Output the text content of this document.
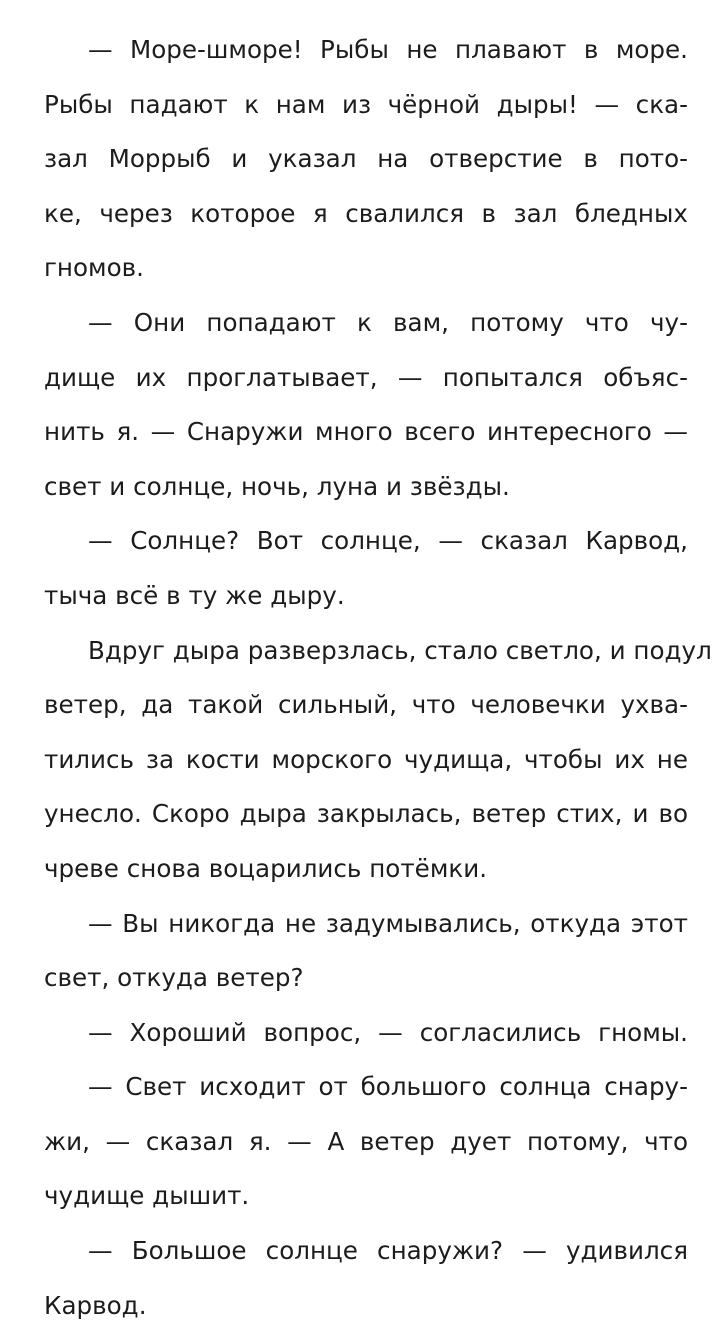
— Море-шморе! Рыбы не плавают в море.
Рыбы падают к нам из чёрной дыры! — ска-
зал Моррыб и указал на отверстие в пото-
ке, через которое я свалился в зал бледных
гномов.
— Они попадают к вам, потому что чу-
дище их проглатывает, — попытался объяс-
нить я. — Снаружи много всего интересного —
свет и солнце, ночь, луна и звёзды.
— Солнце? Вот солнце, — сказал Карвод,
тыча всё в ту же дыру.
Вдруг дыра разверзлась, стало светло, и подул
ветер, да такой сильный, что человечки ухва-
тились за кости морского чудища, чтобы их не
унесло. Скоро дыра закрылась, ветер стих, и во
чреве снова воцарились потёмки.
— Вы никогда не задумывались, откуда этот
свет, откуда ветер?
— Хороший вопрос, — согласились гномы.
— Свет исходит от большого солнца снару-
жи, — сказал я. — А ветер дует потому, что
чудище дышит.
— Большое солнце снаружи? — удивился
Карвод.
